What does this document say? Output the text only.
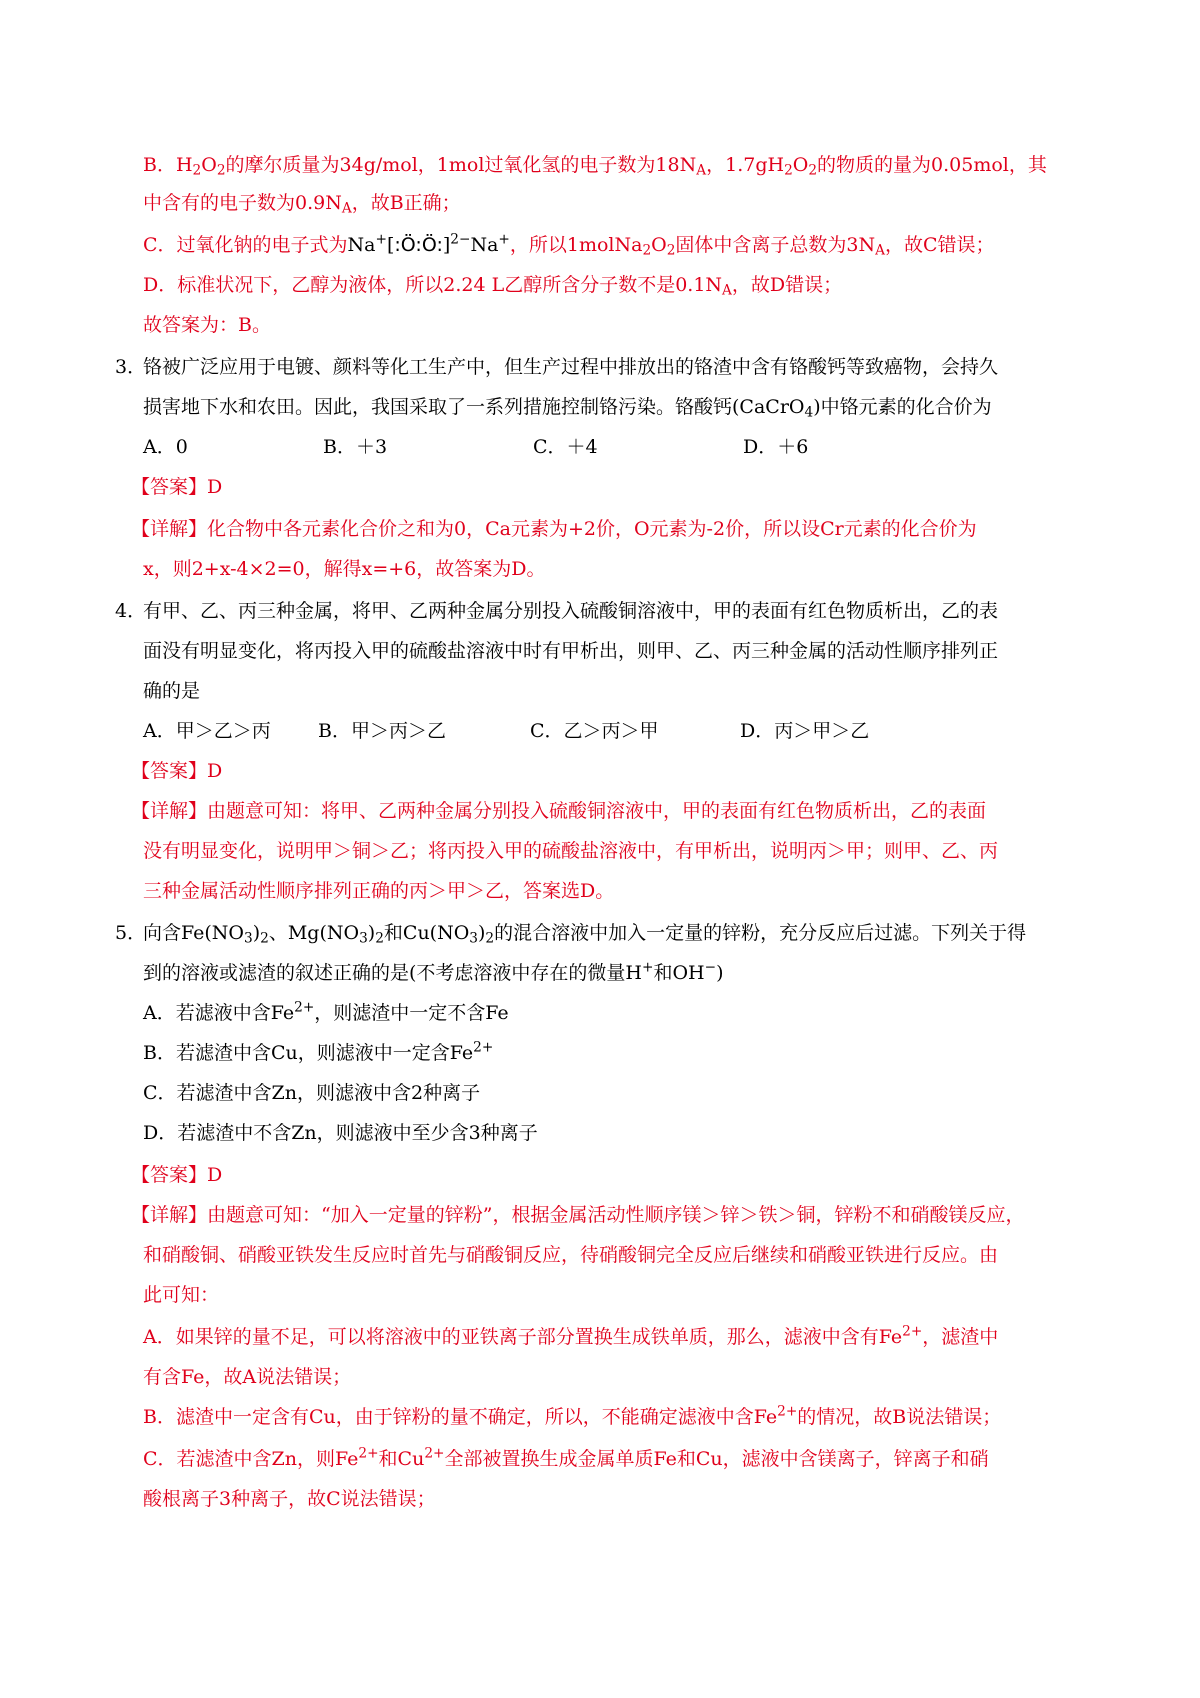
B．$H_2O_2$的摩尔质量为34g/mol，1mol过氧化氢的电子数为$18N_A$，$1.7gH_2O_2$的物质的量为0.05mol，其
中含有的电子数为$0.9N_A$，故B正确；
C．过氧化钠的电子式为Na+[:Ö:Ö:]$^{2-}$Na+，所以$1molNa_2O_2$固体中含离子总数为$3N_A$，故C错误；
D．标准状况下，乙醇为液体，所以2.24 L乙醇所含分子数不是$0.1N_A$，故D错误；
故答案为：B。
3．
铬被广泛应用于电镀、颜料等化工生产中，但生产过程中排放出的铬渣中含有铬酸钙等致癌物，会持久
损害地下水和农田。因此，我国采取了一系列措施控制铬污染。铬酸钙(CaCrO$_4$)中铬元素的化合价为
A．0	B．＋3	C．＋4	D．＋6
【答案】D
【详解】化合物中各元素化合价之和为0，Ca元素为+2价，O元素为-2价，所以设Cr元素的化合价为
x，则2+x-4×2=0，解得x=+6，故答案为D。
4．
有甲、乙、丙三种金属，将甲、乙两种金属分别投入硫酸铜溶液中，甲的表面有红色物质析出，乙的表
面没有明显变化，将丙投入甲的硫酸盐溶液中时有甲析出，则甲、乙、丙三种金属的活动性顺序排列正
确的是
A．甲＞乙＞丙 B．甲＞丙＞乙	C．乙＞丙＞甲	D．丙＞甲＞乙
【答案】D
【详解】由题意可知：将甲、乙两种金属分别投入硫酸铜溶液中，甲的表面有红色物质析出，乙的表面
没有明显变化，说明甲＞铜＞乙；将丙投入甲的硫酸盐溶液中，有甲析出，说明丙＞甲；则甲、乙、丙
三种金属活动性顺序排列正确的丙＞甲＞乙，答案选D。
5．
向含$Fe(NO_3)_2$、$Mg(NO_3)_2$和$Cu(NO_3)_2$的混合溶液中加入一定量的锌粉，充分反应后过滤。下列关于得
到的溶液或滤渣的叙述正确的是(不考虑溶液中存在的微量H+和OH−)
A．若滤液中含$Fe^{2+}$，则滤渣中一定不含Fe
B．若滤渣中含Cu，则滤液中一定含$Fe^{2+}$
C．若滤渣中含Zn，则滤液中含2种离子
D．若滤渣中不含Zn，则滤液中至少含3种离子
【答案】D
【详解】由题意可知：“加入一定量的锌粉”，根据金属活动性顺序镁＞锌＞铁＞铜，锌粉不和硝酸镁反应，
和硝酸铜、硝酸亚铁发生反应时首先与硝酸铜反应，待硝酸铜完全反应后继续和硝酸亚铁进行反应。由
此可知：
A．如果锌的量不足，可以将溶液中的亚铁离子部分置换生成铁单质，那么，滤液中含有$Fe^{2+}$，滤渣中
有含Fe，故A说法错误；
B．滤渣中一定含有Cu，由于锌粉的量不确定，所以，不能确定滤液中含$Fe^{2+}$的情况，故B说法错误；
C．若滤渣中含Zn，则$Fe^{2+}$和$Cu^{2+}$全部被置换生成金属单质Fe和Cu，滤液中含镁离子，锌离子和硝
酸根离子3种离子，故C说法错误；
